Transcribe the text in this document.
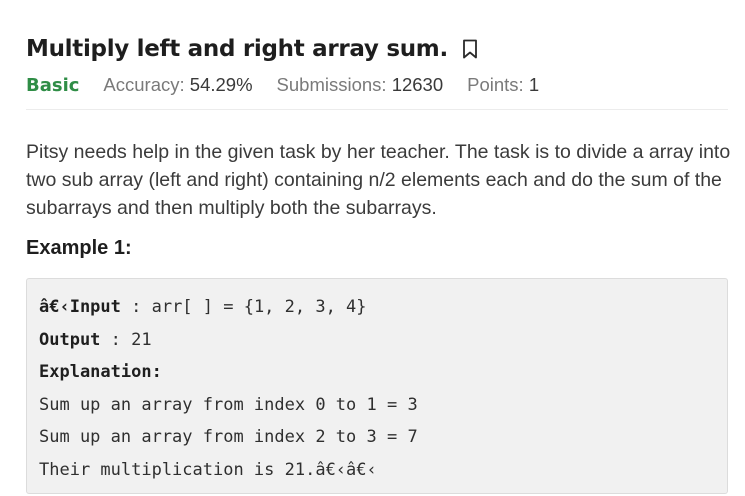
Multiply left and right array sum.
Basic Accuracy: 54.29% Submissions: 12630 Points: 1

Pitsy needs help in the given task by her teacher. The task is to divide a array into two sub array (left and right) containing n/2 elements each and do the sum of the subarrays and then multiply both the subarrays.

Example 1:
â€‹Input : arr[ ] = {1, 2, 3, 4}
Output : 21
Explanation:
Sum up an array from index 0 to 1 = 3
Sum up an array from index 2 to 3 = 7
Their multiplication is 21.â€‹â€‹
